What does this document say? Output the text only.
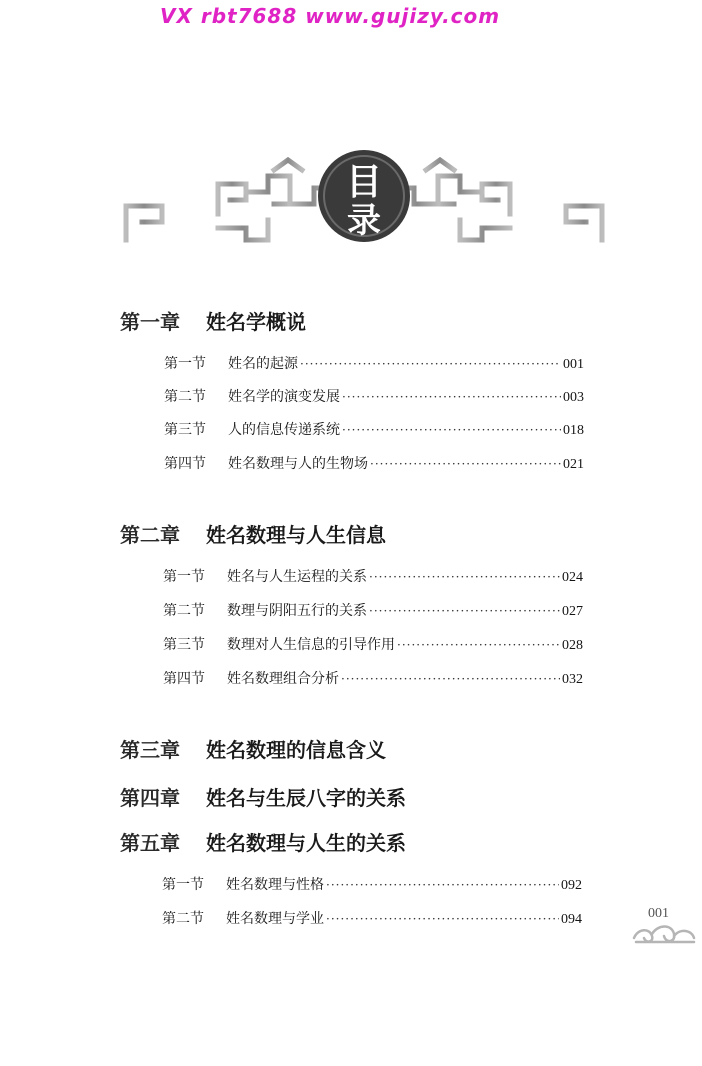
VX rbt7688 www.gujizy.com
目
录
第一章 姓名学概说
第一节	姓名的起源 ·····	001
第二节	姓名学的演变发展 ·····	003
第三节	人的信息传递系统 ·····	018
第四节	姓名数理与人的生物场 ·····	021
第二章 姓名数理与人生信息
第一节	姓名与人生运程的关系 ·····	024
第二节	数理与阴阳五行的关系 ·····	027
第三节	数理对人生信息的引导作用 ·····	028
第四节	姓名数理组合分析 ·····	032
第三章 姓名数理的信息含义
第四章 姓名与生辰八字的关系
第五章 姓名数理与人生的关系
第一节	姓名数理与性格 ·····	092
第二节	姓名数理与学业 ·····	094	001
